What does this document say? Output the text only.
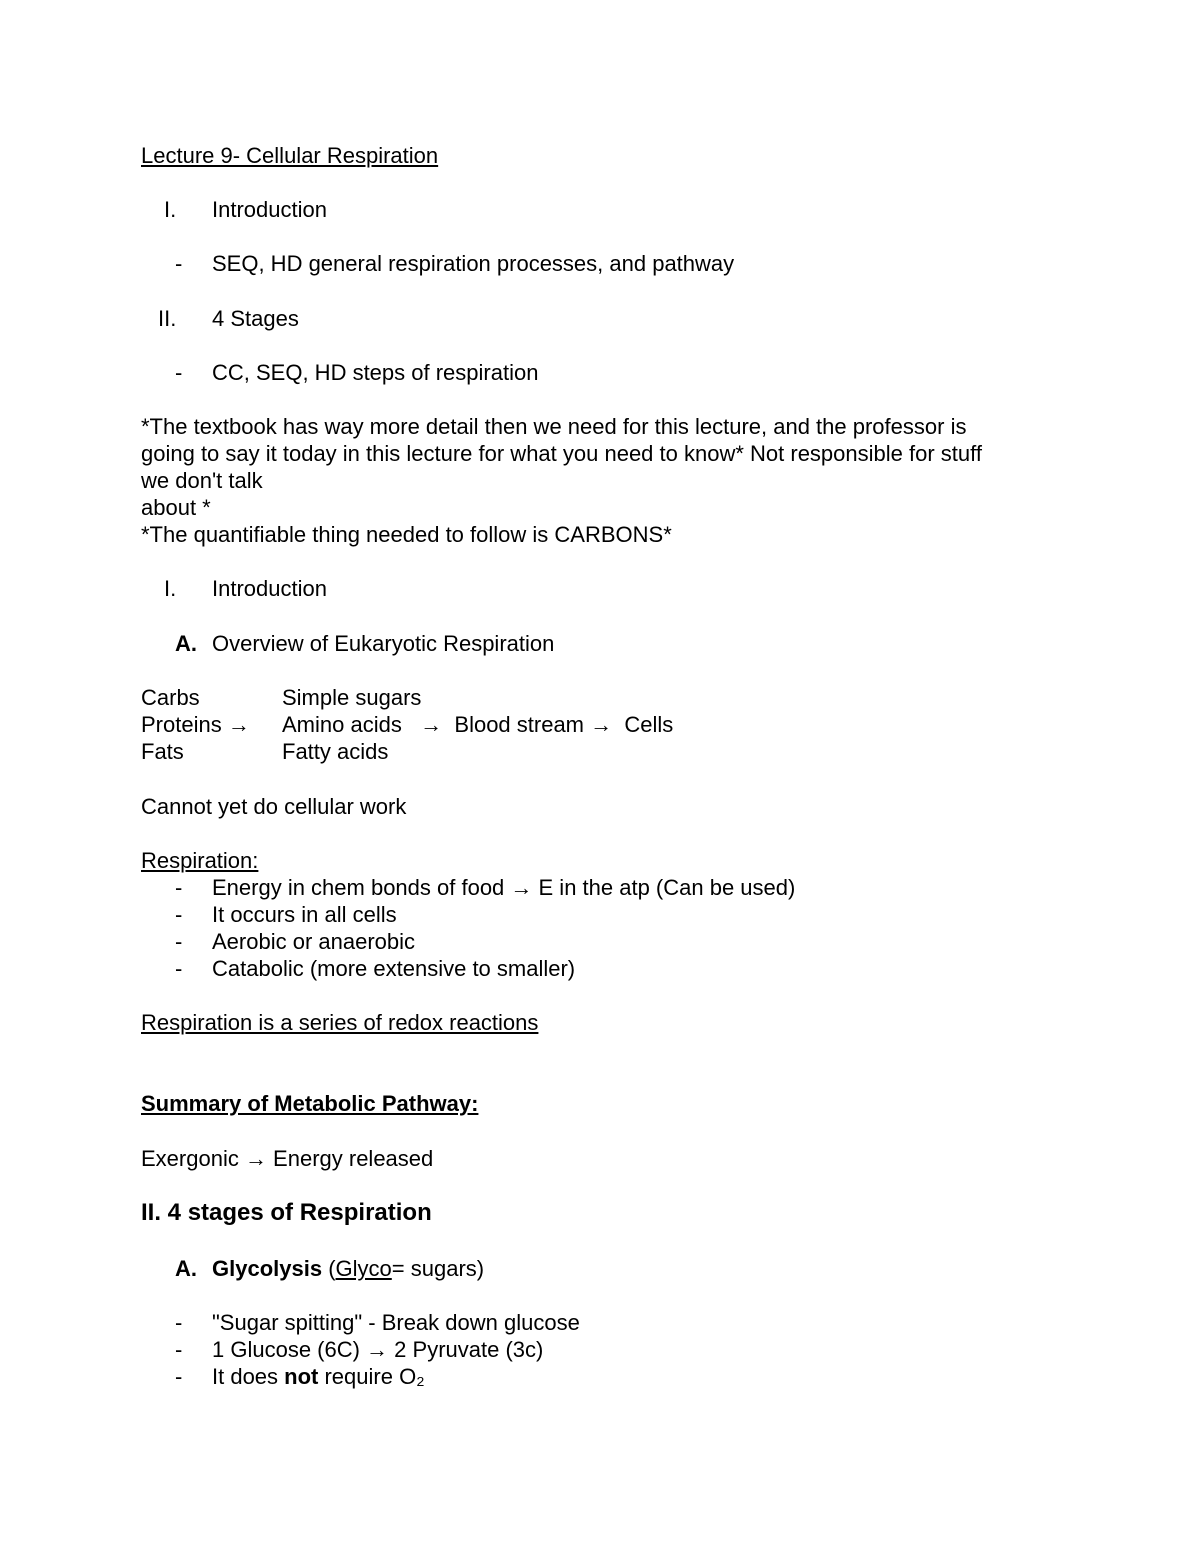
Lecture 9- Cellular Respiration
I. Introduction
- SEQ, HD general respiration processes, and pathway
II. 4 Stages
- CC, SEQ, HD steps of respiration
*The textbook has way more detail then we need for this lecture, and the professor is
going to say it today in this lecture for what you need to know* Not responsible for stuff
we don't talk
about *
*The quantifiable thing needed to follow is CARBONS*
I. Introduction
A. Overview of Eukaryotic Respiration
Carbs	Simple sugars
Proteins → Amino acids   →  Blood stream →  Cells
Fats	Fatty acids
Cannot yet do cellular work
Respiration:
- Energy in chem bonds of food → E in the atp (Can be used)
- It occurs in all cells
- Aerobic or anaerobic
- Catabolic (more extensive to smaller)
Respiration is a series of redox reactions
Summary of Metabolic Pathway:
Exergonic → Energy released
II. 4 stages of Respiration
A. Glycolysis (Glyco= sugars)
- "Sugar spitting" - Break down glucose
- 1 Glucose (6C) → 2 Pyruvate (3c)
- It does not require O₂
